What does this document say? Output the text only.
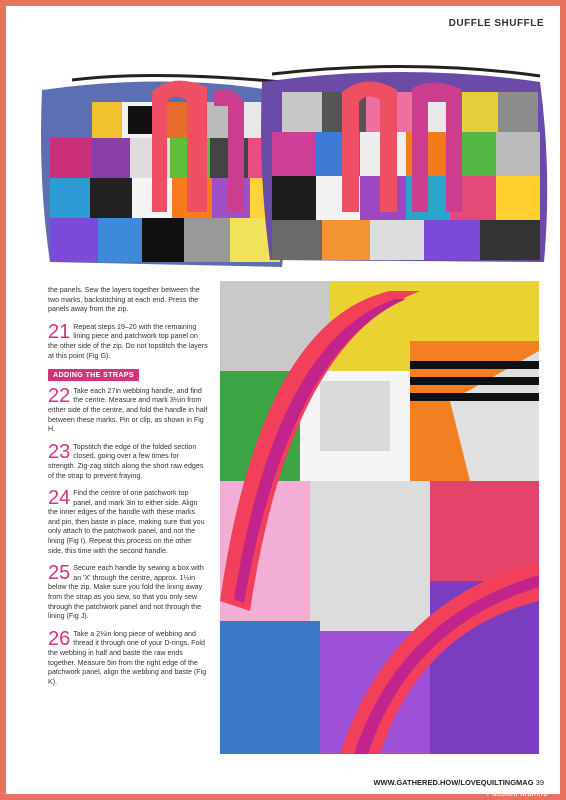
DUFFLE SHUFFLE

the panels. Sew the layers together between the two marks, backstitching at each end. Press the panels away from the zip.

21 Repeat steps 19–20 with the remaining lining piece and patchwork top panel on the other side of the zip. Do not topstitch the layers at this point (Fig G).

ADDING THE STRAPS

22 Take each 27in webbing handle, and find the centre. Measure and mark 3½in from either side of the centre, and fold the handle in half between these marks. Pin or clip, as shown in Fig H.

23 Topstitch the edge of the folded section closed, going over a few times for strength. Zig-zag stitch along the short raw edges of the strap to prevent fraying.

24 Find the centre of one patchwork top panel, and mark 3in to either side. Align the inner edges of the handle with these marks and pin, then baste in place, making sure that you only attach to the patchwork panel, and not the lining (Fig I). Repeat this process on the other side, this time with the second handle.

25 Secure each handle by sewing a box with an 'X' through the centre, approx. 1½in below the zip. Make sure you fold the lining away from the strap as you sew, so that you only sew through the patchwork panel and not through the lining (Fig J).

26 Take a 2½in long piece of webbing and thread it through one of your D-rings. Fold the webbing in half and baste the raw ends together. Measure 5in from the right edge of the patchwork panel, align the webbing and baste (Fig K).

WWW.GATHERED.HOW/LOVEQUILTINGMAG 39
PassionForum.ru
